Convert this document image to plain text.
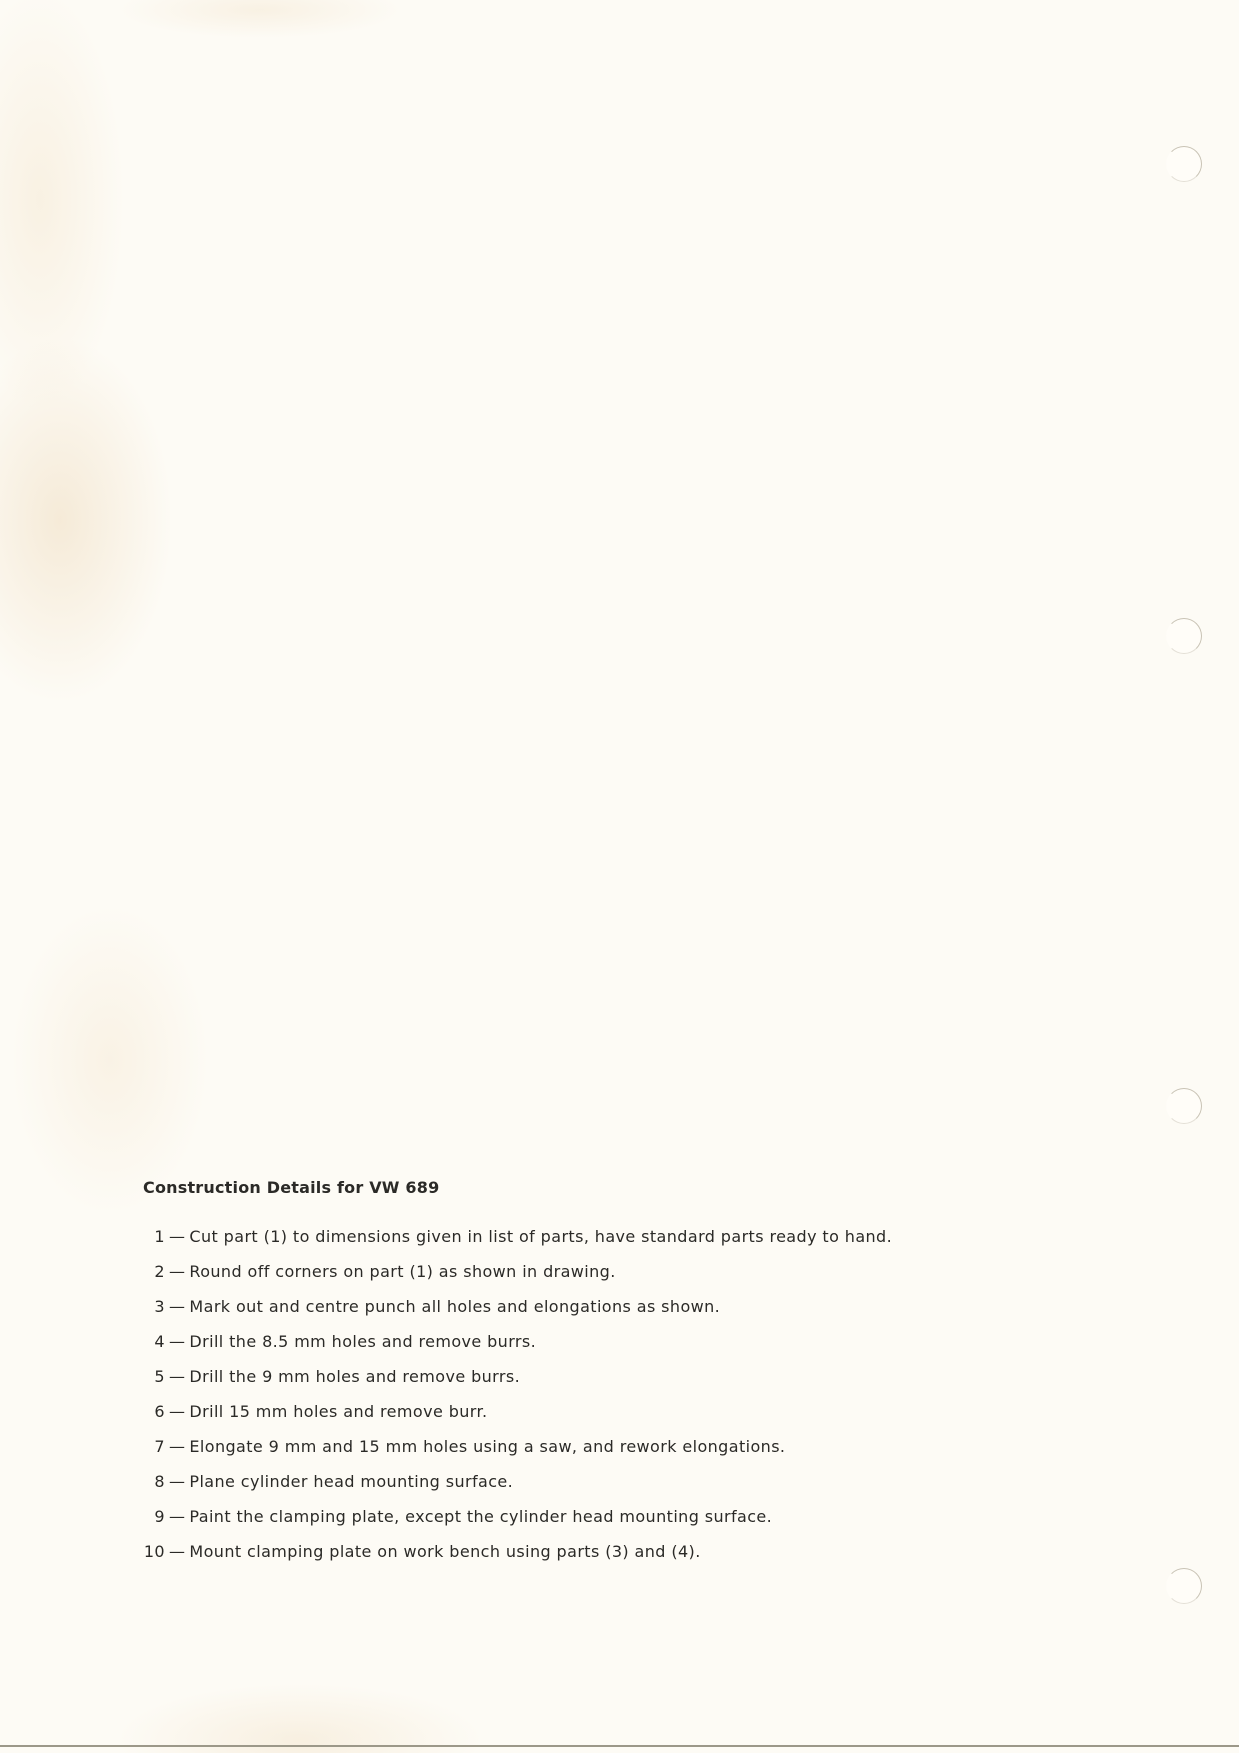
Construction Details for VW 689
1 — Cut part (1) to dimensions given in list of parts, have standard parts ready to hand.
2 — Round off corners on part (1) as shown in drawing.
3 — Mark out and centre punch all holes and elongations as shown.
4 — Drill the 8.5 mm holes and remove burrs.
5 — Drill the 9 mm holes and remove burrs.
6 — Drill 15 mm holes and remove burr.
7 — Elongate 9 mm and 15 mm holes using a saw, and rework elongations.
8 — Plane cylinder head mounting surface.
9 — Paint the clamping plate, except the cylinder head mounting surface.
10 — Mount clamping plate on work bench using parts (3) and (4).
